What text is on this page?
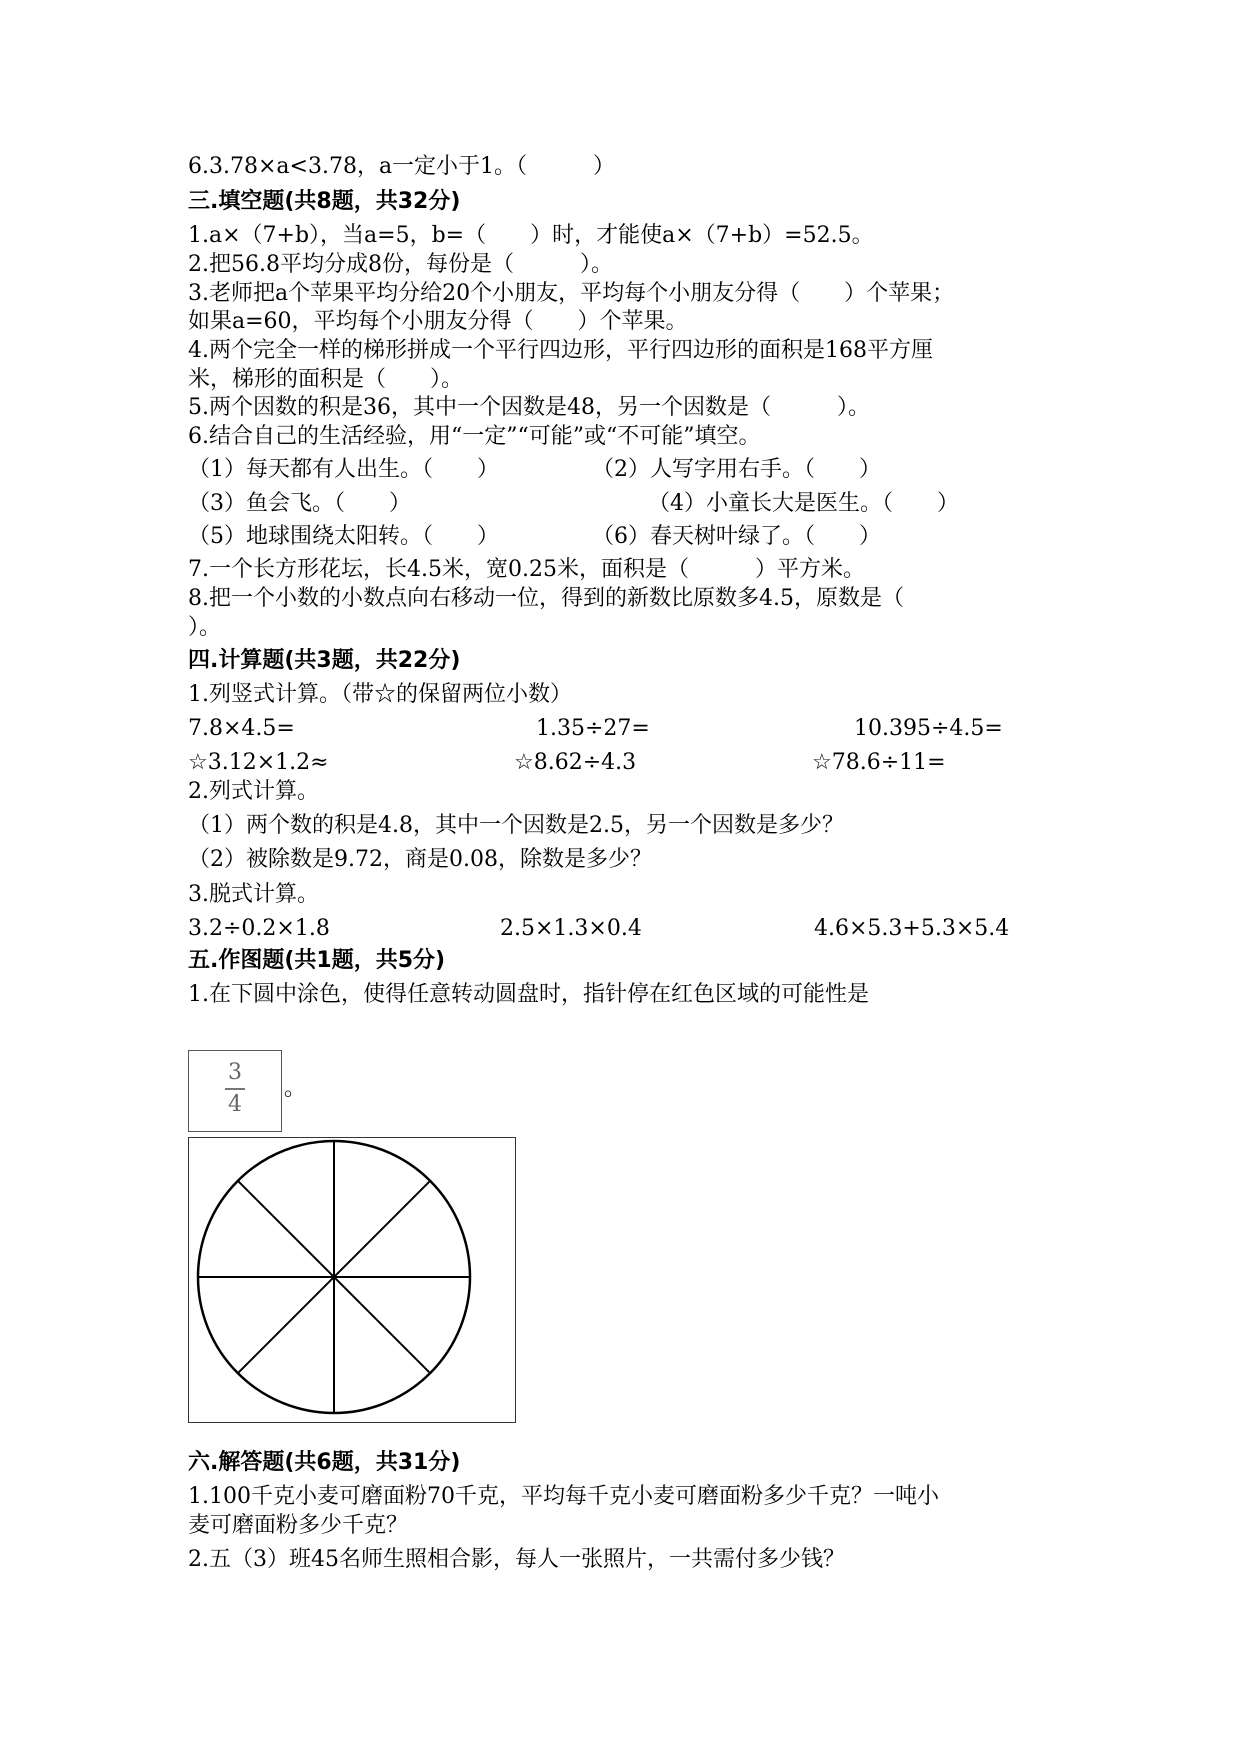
6.3.78×a<3.78，a一定小于1。（　　　）
三.填空题(共8题，共32分)
1.a×（7+b），当a=5，b=（　　）时，才能使a×（7+b）=52.5。
2.把56.8平均分成8份，每份是（　　　）。
3.老师把a个苹果平均分给20个小朋友，平均每个小朋友分得（　　）个苹果；
如果a=60，平均每个小朋友分得（　　）个苹果。
4.两个完全一样的梯形拼成一个平行四边形，平行四边形的面积是168平方厘
米，梯形的面积是（　　）。
5.两个因数的积是36，其中一个因数是48，另一个因数是（　　　）。
6.结合自己的生活经验，用“一定”“可能”或“不可能”填空。
7.一个长方形花坛，长4.5米，宽0.25米，面积是（　　　）平方米。
8.把一个小数的小数点向右移动一位，得到的新数比原数多4.5，原数是（
）。
四.计算题(共3题，共22分)
1.列竖式计算。（带☆的保留两位小数）
2.列式计算。
（1）两个数的积是4.8，其中一个因数是2.5，另一个因数是多少？
（2）被除数是9.72，商是0.08，除数是多少？
3.脱式计算。
五.作图题(共1题，共5分)
1.在下圆中涂色，使得任意转动圆盘时，指针停在红色区域的可能性是
六.解答题(共6题，共31分)
1.100千克小麦可磨面粉70千克，平均每千克小麦可磨面粉多少千克？一吨小
麦可磨面粉多少千克？
2.五（3）班45名师生照相合影，每人一张照片，一共需付多少钱？
（1）每天都有人出生。（　　）	（2）人写字用右手。（　　）
（3）鱼会飞。（　　）	（4）小童长大是医生。（　　）
（5）地球围绕太阳转。（　　）	（6）春天树叶绿了。（　　）
7.8×4.5=	1.35÷27=	10.395÷4.5=
☆3.12×1.2≈	☆8.62÷4.3	☆78.6÷11=
3.2÷0.2×1.8	2.5×1.3×0.4	4.6×5.3+5.3×5.4
3
4
。
